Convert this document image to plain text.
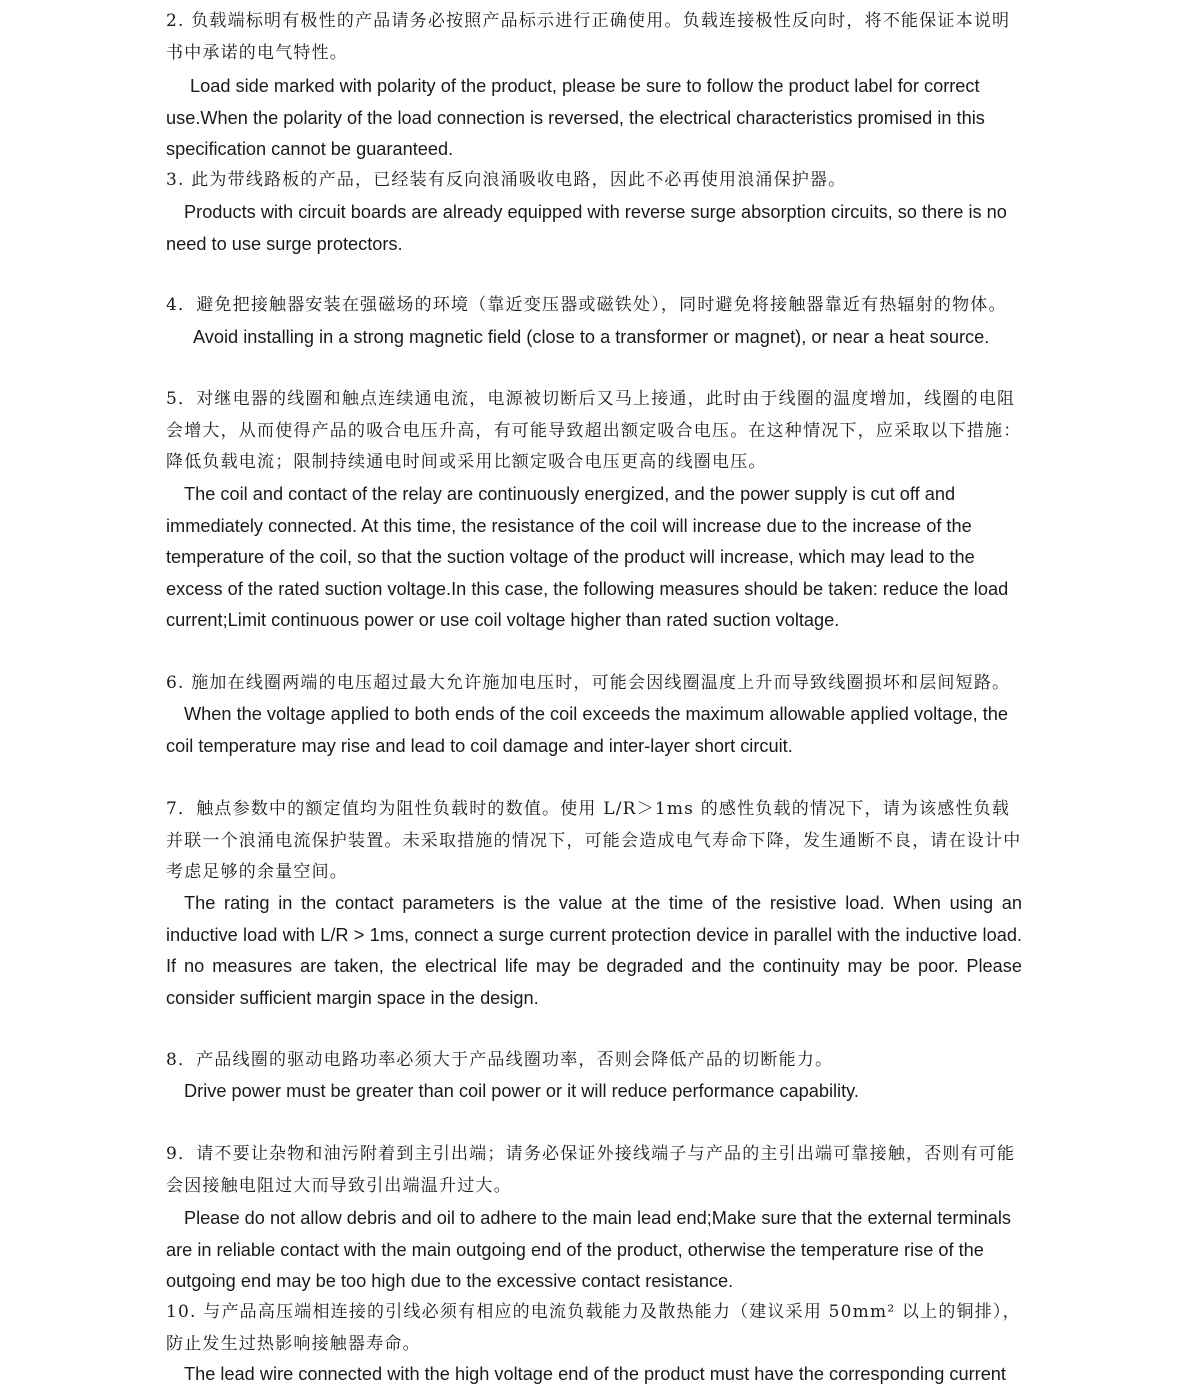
2. 负载端标明有极性的产品请务必按照产品标示进行正确使用。负载连接极性反向时，将不能保证本说明书中承诺的电气特性。

Load side marked with polarity of the product, please be sure to follow the product label for correct use.When the polarity of the load connection is reversed, the electrical characteristics promised in this specification cannot be guaranteed.

3. 此为带线路板的产品，已经装有反向浪涌吸收电路，因此不必再使用浪涌保护器。

Products with circuit boards are already equipped with reverse surge absorption circuits, so there is no need to use surge protectors.

4．避免把接触器安装在强磁场的环境（靠近变压器或磁铁处），同时避免将接触器靠近有热辐射的物体。

Avoid installing in a strong magnetic field (close to a transformer or magnet), or near a heat source.

5．对继电器的线圈和触点连续通电流，电源被切断后又马上接通，此时由于线圈的温度增加，线圈的电阻会增大，从而使得产品的吸合电压升高，有可能导致超出额定吸合电压。在这种情况下，应采取以下措施：降低负载电流；限制持续通电时间或采用比额定吸合电压更高的线圈电压。

The coil and contact of the relay are continuously energized, and the power supply is cut off and immediately connected. At this time, the resistance of the coil will increase due to the increase of the temperature of the coil, so that the suction voltage of the product will increase, which may lead to the excess of the rated suction voltage.In this case, the following measures should be taken: reduce the load current;Limit continuous power or use coil voltage higher than rated suction voltage.

6. 施加在线圈两端的电压超过最大允许施加电压时，可能会因线圈温度上升而导致线圈损坏和层间短路。

When the voltage applied to both ends of the coil exceeds the maximum allowable applied voltage, the coil temperature may rise and lead to coil damage and inter-layer short circuit.

7．触点参数中的额定值均为阻性负载时的数值。使用 L/R＞1ms 的感性负载的情况下，请为该感性负载并联一个浪涌电流保护装置。未采取措施的情况下，可能会造成电气寿命下降，发生通断不良，请在设计中考虑足够的余量空间。

The rating in the contact parameters is the value at the time of the resistive load. When using an inductive load with L/R > 1ms, connect a surge current protection device in parallel with the inductive load. If no measures are taken, the electrical life may be degraded and the continuity may be poor. Please consider sufficient margin space in the design.

8．产品线圈的驱动电路功率必须大于产品线圈功率，否则会降低产品的切断能力。

Drive power must be greater than coil power or it will reduce performance capability.

9．请不要让杂物和油污附着到主引出端；请务必保证外接线端子与产品的主引出端可靠接触，否则有可能会因接触电阻过大而导致引出端温升过大。

Please do not allow debris and oil to adhere to the main lead end;Make sure that the external terminals are in reliable contact with the main outgoing end of the product, otherwise the temperature rise of the outgoing end may be too high due to the excessive contact resistance.

10. 与产品高压端相连接的引线必须有相应的电流负载能力及散热能力（建议采用 50mm² 以上的铜排），防止发生过热影响接触器寿命。

The lead wire connected with the high voltage end of the product must have the corresponding current
